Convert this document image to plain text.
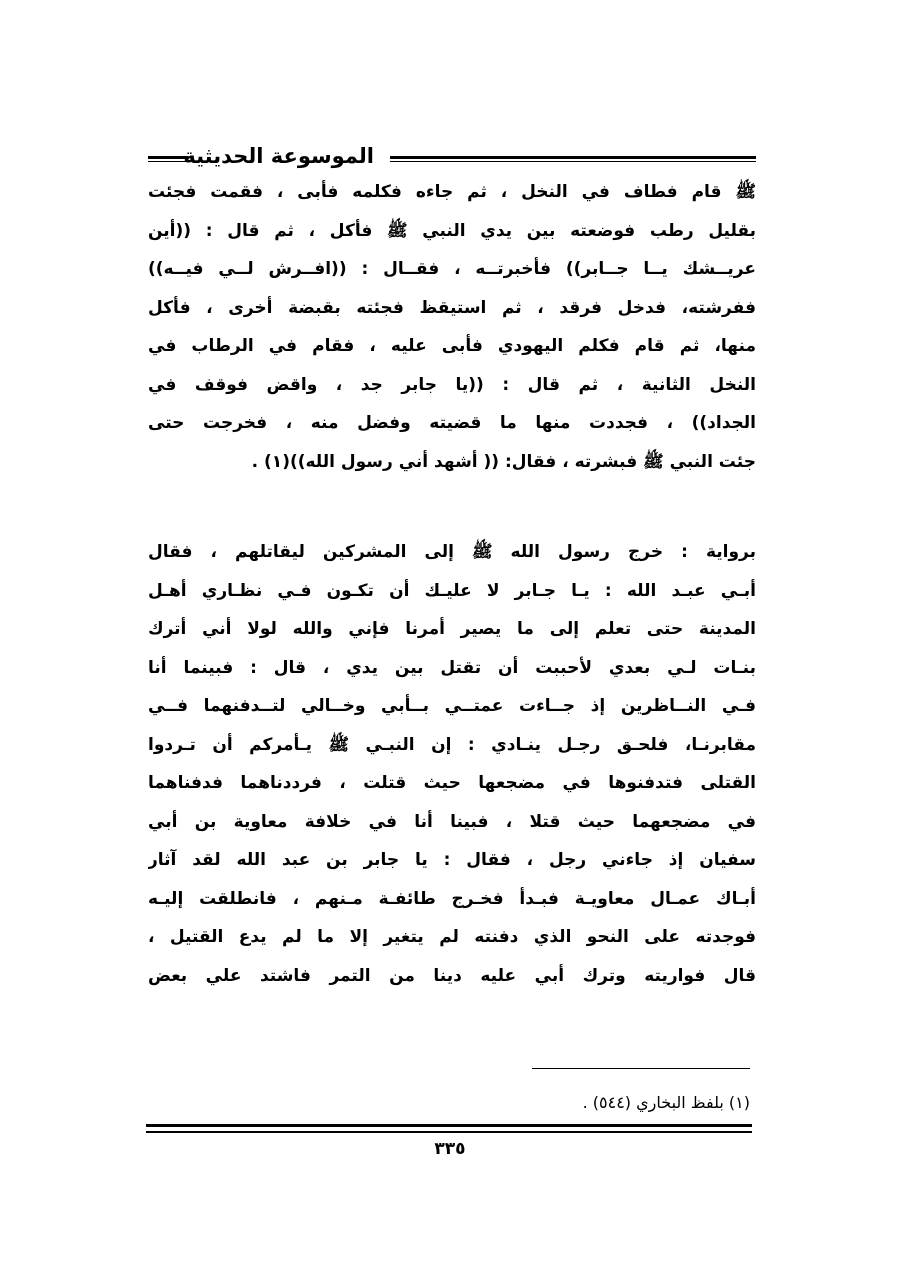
الموسوعة الحديثية
ﷺ قام فطاف في النخل ، ثم جاءه فكلمه فأبى ، فقمت فجئت
بقليل رطب فوضعته بين يدي النبي ﷺ فأكل ، ثم قال : ((أين
عريــشك يــا جــابر)) فأخبرتــه ، فقــال : ((افــرش لــي فيــه))
ففرشته، فدخل فرقد ، ثم استيقظ فجئته بقبضة أخرى ، فأكل
منها، ثم قام فكلم اليهودي فأبى عليه ، فقام في الرطاب في
النخل الثانية ، ثم قال : ((يا جابر جد ، واقض فوقف في
الجداد)) ، فجددت منها ما قضيته وفضل منه ، فخرجت حتى
جئت النبي ﷺ فبشرته ، فقال: (( أشهد أني رسول الله))(١) .
برواية : خرج رسول الله ﷺ إلى المشركين ليقاتلهم ، فقال
أبـي عبـد الله : يـا جـابر لا عليـك أن تكـون فـي نظـاري أهـل
المدينة حتى تعلم إلى ما يصير أمرنا فإني والله لولا أني أترك
بنـات لـي بعدي لأحببت أن تقتل بين يدي ، قال : فبينما أنا
فـي النــاظرين إذ جــاءت عمتــي بــأبي وخــالي لتــدفنهما فــي
مقابرنـا، فلحـق رجـل ينـادي : إن النبـي ﷺ يـأمركم أن تـردوا
القتلى فتدفنوها في مضجعها حيث قتلت ، فرددناهما فدفناهما
في مضجعهما حيث قتلا ، فبينا أنا في خلافة معاوية بن أبي
سفيان إذ جاءني رجل ، فقال : يا جابر بن عبد الله لقد آثار
أبـاك عمـال معاويـة فبـدأ فخـرج طائفـة مـنهم ، فانطلقت إليـه
فوجدته على النحو الذي دفنته لم يتغير إلا ما لم يدع القتيل ،
قال فواريته وترك أبي عليه دينا من التمر فاشتد علي بعض
(١) بلفظ البخاري (٥٤٤) .
٣٣٥
